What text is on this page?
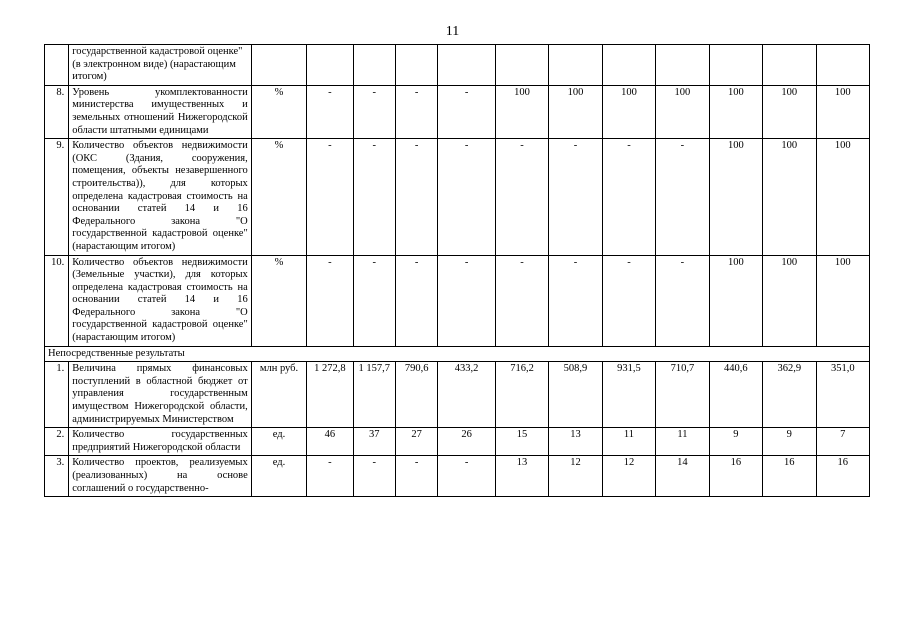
11
	государственной кадастровой оценке" (в электронном виде) (нарастающим итогом)												
8.	Уровень укомплектованности министерства имущественных и земельных отношений Нижегородской области штатными единицами	%	-	-	-	-	100	100	100	100	100	100	100
9.	Количество объектов недвижимости (ОКС (Здания, сооружения, помещения, объекты незавершенного строительства)), для которых определена кадастровая стоимость на основании статей 14 и 16 Федерального закона "О государственной кадастровой оценке" (нарастающим итогом)	%	-	-	-	-	-	-	-	-	100	100	100
10.	Количество объектов недвижимости (Земельные участки), для которых определена кадастровая стоимость на основании статей 14 и 16 Федерального закона "О государственной кадастровой оценке" (нарастающим итогом)	%	-	-	-	-	-	-	-	-	100	100	100
Непосредственные результаты													
1.	Величина прямых финансовых поступлений в областной бюджет от управления государственным имуществом Нижегородской области, администрируемых Министерством	млн руб.	1 272,8	1 157,7	790,6	433,2	716,2	508,9	931,5	710,7	440,6	362,9	351,0
2.	Количество государственных предприятий Нижегородской области	ед.	46	37	27	26	15	13	11	11	9	9	7
3.	Количество проектов, реализуемых (реализованных) на основе соглашений о государственно-	ед.	-	-	-	-	13	12	12	14	16	16	16
